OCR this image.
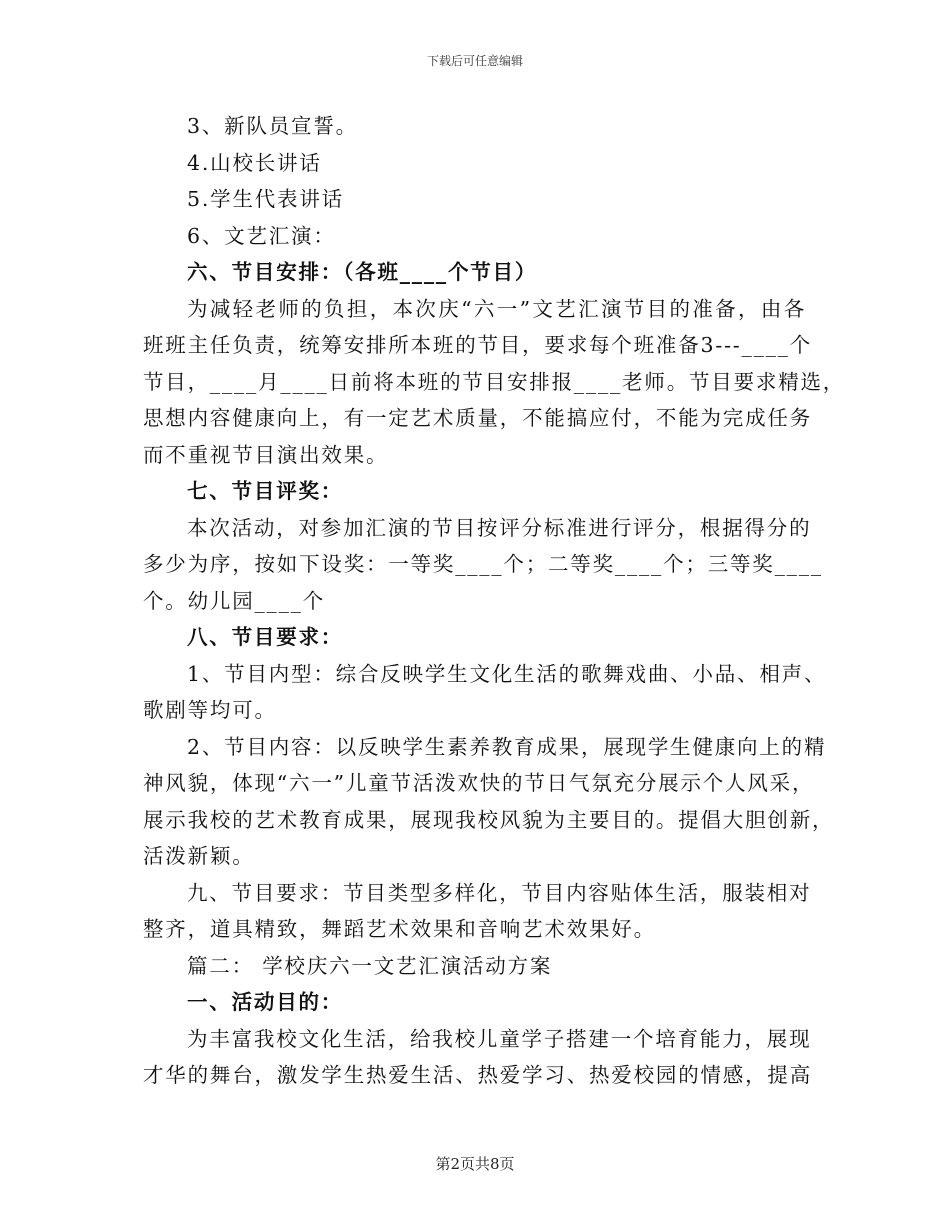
下载后可任意编辑
3、新队员宣誓。
4.山校长讲话
5.学生代表讲话
6、文艺汇演：
六、节目安排：（各班____个节目）
为减轻老师的负担，本次庆“六一”文艺汇演节目的准备，由各
班班主任负责，统筹安排所本班的节目，要求每个班准备3---____个
节目，____月____日前将本班的节目安排报____老师。节目要求精选，
思想内容健康向上，有一定艺术质量，不能搞应付，不能为完成任务
而不重视节目演出效果。
七、节目评奖：
本次活动，对参加汇演的节目按评分标准进行评分，根据得分的
多少为序，按如下设奖：一等奖____个；二等奖____个；三等奖____
个。幼儿园____个
八、节目要求：
1、节目内型：综合反映学生文化生活的歌舞戏曲、小品、相声、
歌剧等均可。
2、节目内容：以反映学生素养教育成果，展现学生健康向上的精
神风貌，体现“六一”儿童节活泼欢快的节日气氛充分展示个人风采，
展示我校的艺术教育成果，展现我校风貌为主要目的。提倡大胆创新，
活泼新颖。
九、节目要求：节目类型多样化，节目内容贴体生活，服装相对
整齐，道具精致，舞蹈艺术效果和音响艺术效果好。
篇二： 学校庆六一文艺汇演活动方案
一、活动目的：
为丰富我校文化生活，给我校儿童学子搭建一个培育能力，展现
才华的舞台，激发学生热爱生活、热爱学习、热爱校园的情感，提高
第2页共8页
